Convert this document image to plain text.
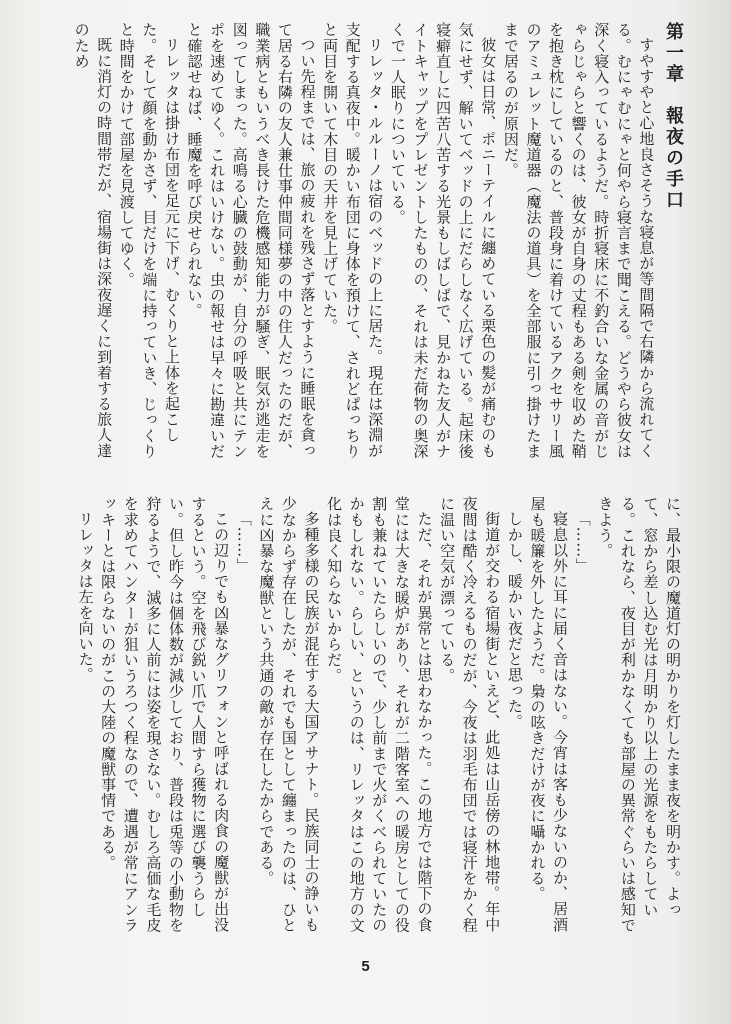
第一章　報夜の手口

すやすやと心地良さそうな寝息が等間隔で右隣から流れてくる。むにゃむにゃと何やら寝言まで聞こえる。どうやら彼女は深く寝入っているようだ。時折寝床に不釣合いな金属の音がじゃらじゃらと響くのは、彼女が自身の丈程もある剣を収めた鞘を抱き枕にしているのと、普段身に着けているアクセサリー風のアミュレット魔道器（魔法の道具）を全部服に引っ掛けたままで居るのが原因だ。

彼女は日常、ポニーテイルに纏めている栗色の髪が痛むのも気にせず、解いてベッドの上にだらしなく広げている。起床後寝癖直しに四苦八苦する光景もしばしばで、見かねた友人がナイトキャップをプレゼントしたものの、それは未だ荷物の奥深くで一人眠りについている。

リレッタ・ルルーノは宿のベッドの上に居た。現在は深淵が支配する真夜中。暖かい布団に身体を預けて、されどぱっちりと両目を開いて木目の天井を見上げていた。

つい先程までは、旅の疲れを残さず落とすように睡眠を貪って居る右隣の友人兼仕事仲間同様夢の中の住人だったのだが、職業病ともいうべき長けた危機感知能力が騒ぎ、眠気が逃走を図ってしまった。高鳴る心臓の鼓動が、自分の呼吸と共にテンポを速めてゆく。これはいけない。虫の報せは早々に勘違いだと確認せねば、睡魔を呼び戻せられない。

リレッタは掛け布団を足元に下げ、むくりと上体を起こした。そして顔を動かさず、目だけを端に持っていき、じっくりと時間をかけて部屋を見渡してゆく。

既に消灯の時間帯だが、宿場街は深夜遅くに到着する旅人達のため

に、最小限の魔道灯の明かりを灯したまま夜を明かす。よって、窓から差し込む光は月明かり以上の光源をもたらしている。これなら、夜目が利かなくても部屋の異常ぐらいは感知できよう。

「……」

寝息以外に耳に届く音はない。今宵は客も少ないのか、居酒屋も暖簾を外したようだ。梟の呟きだけが夜に囁かれる。

しかし、暖かい夜だと思った。

街道が交わる宿場街といえど、此処は山岳傍の林地帯。年中夜間は酷く冷えるものだが、今夜は羽毛布団では寝汗をかく程に温い空気が漂っている。

ただ、それが異常とは思わなかった。この地方では階下の食堂には大きな暖炉があり、それが二階客室への暖房としての役割も兼ねていたらしいので、少し前まで火がくべられていたのかもしれない。らしい、というのは、リレッタはこの地方の文化は良く知らないからだ。

多種多様の民族が混在する大国アサナト。民族同士の諍いも少なからず存在したが、それでも国として纏まったのは、ひとえに凶暴な魔獣という共通の敵が存在したからである。

「……」

この辺りでも凶暴なグリフォンと呼ばれる肉食の魔獣が出没するという。空を飛び鋭い爪で人間すら獲物に選び襲うらしい。但し昨今は個体数が減少しており、普段は兎等の小動物を狩るようで、滅多に人前には姿を現さない。むしろ高価な毛皮を求めてハンターが狙いうろつく程なので、遭遇が常にアンラッキーとは限らないのがこの大陸の魔獣事情である。

リレッタは左を向いた。

5
